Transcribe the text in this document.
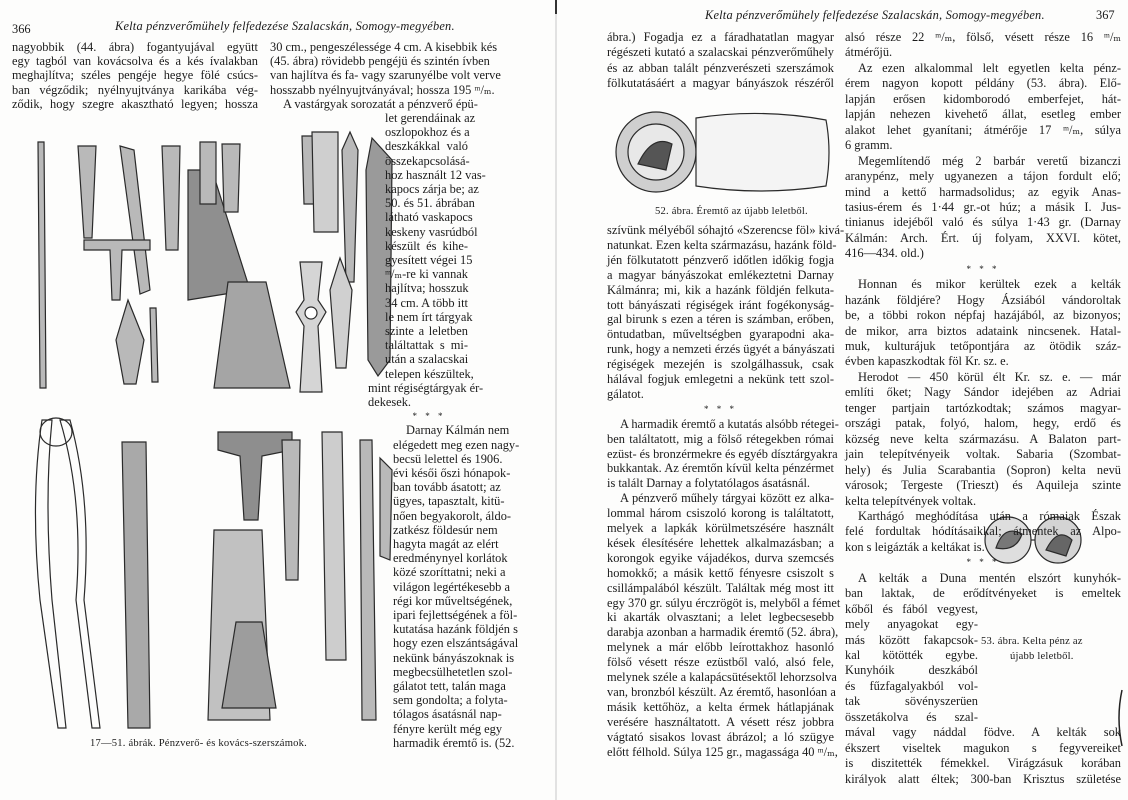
366	Kelta pénzverőmühely felfedezése Szalacskán, Somogy-megyében.
17—51. ábrák. Pénzverő- és kovács-szerszámok.
Kelta pénzverőmühely felfedezése Szalacskán, Somogy-megyében.	367
52. ábra. Éremtő az újabb leletből.
53. ábra. Kelta pénz az
újabb leletből.
nagyobbik (44. ábra) fogantyujával együtt
egy tagból van kovácsolva és a kés ívalakban
meghajlítva; széles pengéje hegye fölé csúcs-
ban végződik; nyélnyujtványa karikába vég-
ződik, hogy szegre akasztható legyen; hossza
30 cm., pengeszélessége 4 cm. A kisebbik kés
(45. ábra) rövidebb pengéjü és szintén ívben
van hajlítva és fa- vagy szarunyélbe volt verve
hosszabb nyélnyujtványával; hossza 195 ᵐ/ₘ.
A vastárgyak sorozatát a pénzverő épü-
let gerendáinak az
oszlopokhoz és a
deszkákkal való
összekapcsolásá-
hoz használt 12 vas-
kapocs zárja be; az
50. és 51. ábrában
látható vaskapocs
keskeny vasrúdból
készült és kihe-
gyesített végei 15
ᵐ/ₘ-re ki vannak
hajlítva; hosszuk
34 cm. A több itt
le nem írt tárgyak
szinte a leletben
találtattak s mi-
után a szalacskai
telepen készültek,
mint régiségtárgyak ér-
dekesek.
* * *
Darnay Kálmán nem
elégedett meg ezen nagy-
becsü lelettel és 1906.
évi késői őszi hónapok-
ban tovább ásatott; az
ügyes, tapasztalt, kitü-
nően begyakorolt, áldo-
zatkész földesúr nem
hagyta magát az elért
eredménynyel korlátok
közé szoríttatni; neki a
világon legértékesebb a
régi kor műveltségének,
ipari fejlettségének a föl-
kutatása hazánk földjén s
hogy ezen elszántságával
nekünk bányászoknak is
megbecsülhetetlen szol-
gálatot tett, talán maga
sem gondolta; a folyta-
tólagos ásatásnál nap-
fényre került még egy
harmadik éremtő is. (52.
ábra.) Fogadja ez a fáradhatatlan magyar
régészeti kutató a szalacskai pénzverőműhely
és az abban talált pénzverészeti szerszámok
fölkutatásáért a magyar bányászok részéről
szívünk mélyéből sóhajtó «Szerencse föl» kivá-
natunkat. Ezen kelta származásu, hazánk föld-
jén fölkutatott pénzverő időtlen időkig fogja
a magyar bányászokat emlékeztetni Darnay
Kálmánra; mi, kik a hazánk földjén felkuta-
tott bányászati régiségek iránt fogékonyság-
gal birunk s ezen a téren is számban, erőben,
öntudatban, műveltségben gyarapodni aka-
runk, hogy a nemzeti érzés ügyét a bányászati
régiségek mezején is szolgálhassuk, csak
hálával fogjuk emlegetni a nekünk tett szol-
gálatot.
* * *
A harmadik éremtő a kutatás alsóbb rétegei-
ben találtatott, mig a fölső rétegekben római
ezüst- és bronzérmekre és egyéb dísztárgyakra
bukkantak. Az éremtőn kívül kelta pénzérmet
is talált Darnay a folytatólagos ásatásnál.
A pénzverő műhely tárgyai között ez alka-
lommal három csiszoló korong is találtatott,
melyek a lapkák körülmetszésére használt
kések élesítésére lehettek alkalmazásban; a
korongok egyike vájadékos, durva szemcsés
homokkő; a másik kettő fényesre csiszolt s
csillámpalából készült. Találtak még most itt
egy 370 gr. súlyu érczrögöt is, melyből a fémet
ki akarták olvasztani; a lelet legbecsesebb
darabja azonban a harmadik éremtő (52. ábra),
melynek a már előbb leírottakhoz hasonló
fölső vésett része ezüstből való, alsó fele,
melynek széle a kalapácsütésektől lehorzsolva
van, bronzból készült. Az éremtő, hasonlóan a
másik kettőhöz, a kelta érmek hátlapjának
verésére használtatott. A vésett rész jobbra
vágtató sisakos lovast ábrázol; a ló szügye
előtt félhold. Súlya 125 gr., magassága 40 ᵐ/ₘ,
alsó része 22 ᵐ/ₘ, fölső, vésett része 16 ᵐ/ₘ
átmérőjü.
Az ezen alkalommal lelt egyetlen kelta pénz-
érem nagyon kopott példány (53. ábra). Elő-
lapján erősen kidomborodó emberfejet, hát-
lapján nehezen kivehető állat, esetleg ember
alakot lehet gyanítani; átmérője 17 ᵐ/ₘ, súlya
6 gramm.
Megemlítendő még 2 barbár veretű bizanczi
aranypénz, mely ugyanezen a tájon fordult elő;
mind a kettő harmadsolidus; az egyik Anas-
tasius-érem és 1·44 gr.-ot húz; a másik I. Jus-
tinianus idejéből való és súlya 1·43 gr. (Darnay
Kálmán: Arch. Ért. új folyam, XXVI. kötet,
416—434. old.)
* * *
Honnan és mikor kerültek ezek a kelták
hazánk földjére? Hogy Ázsiából vándoroltak
be, a többi rokon népfaj hazájából, az bizonyos;
de mikor, arra biztos adataink nincsenek. Hatal-
muk, kulturájuk tetőpontjára az ötödik száz-
évben kapaszkodtak föl Kr. sz. e.
Herodot — 450 körül élt Kr. sz. e. — már
említi őket; Nagy Sándor idejében az Adriai
tenger partjain tartózkodtak; számos magyar-
országi patak, folyó, halom, hegy, erdő és
község neve kelta származásu. A Balaton part-
jain telepítvényeik voltak. Sabaria (Szombat-
hely) és Julia Scarabantia (Sopron) kelta nevü
városok; Tergeste (Trieszt) és Aquileja szinte
kelta telepítvények voltak.
Karthágó meghódítása után a rómaiak Észak
felé fordultak hódításaikkal; átmentek az Alpo-
kon s leigázták a keltákat is.
* * *
A kelták a Duna mentén elszórt kunyhók-
ban laktak, de erődítvényeket is emeltek
kőből és fából vegyest,
mely anyagokat egy-
más között fakapcsok-
kal kötötték egybe.
Kunyhóik deszkából
és fűzfagalyakból vol-
tak sövényszerüen
összetákolva és szal-
mával vagy náddal födve. A kelták sok
ékszert viseltek magukon s fegyvereiket
is diszitették fémekkel. Virágzásuk korában
királyok alatt éltek; 300-ban Krisztus születése
